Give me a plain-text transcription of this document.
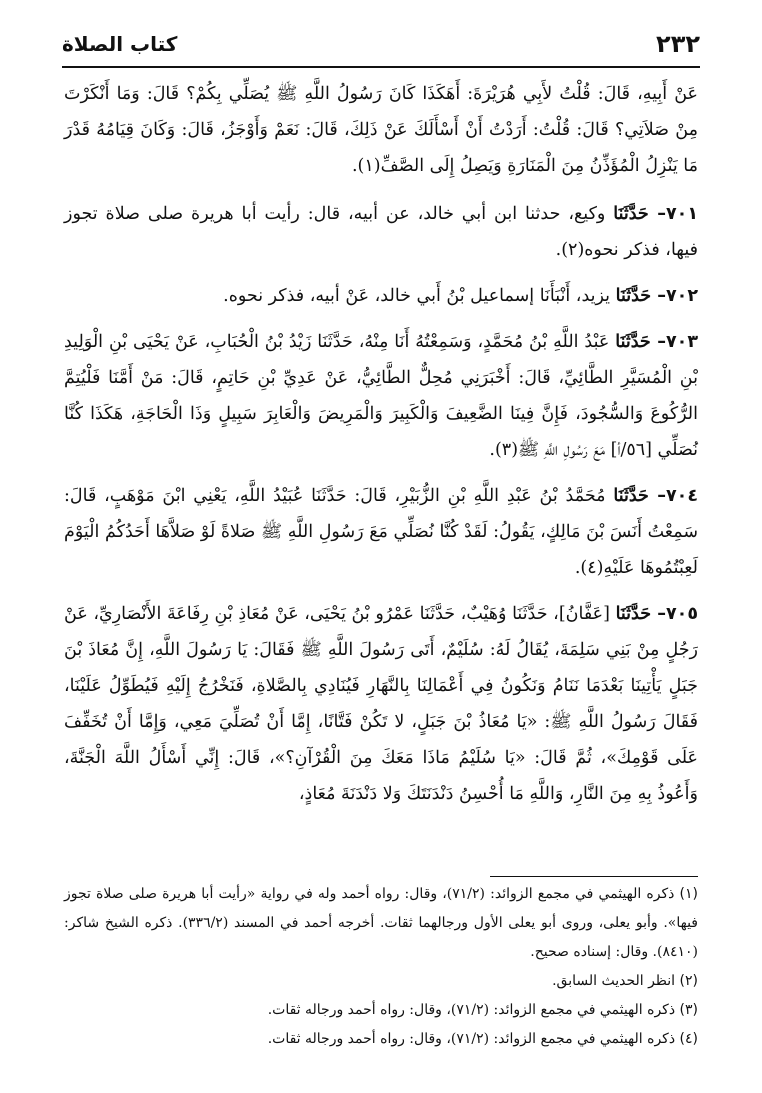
٢٣٢
كتاب الصلاة

عَنْ أَبِيهِ، قَالَ: قُلْتُ لأَبِي هُرَيْرَةَ: أَهَكَذَا كَانَ رَسُولُ اللَّهِ ﷺ يُصَلِّي بِكُمْ؟ قَالَ: وَمَا أَنْكَرْتَ مِنْ صَلاَتِي؟ قَالَ: قُلْتُ: أَرَدْتُ أَنْ أَسْأَلَكَ عَنْ ذَلِكَ، قَالَ: نَعَمْ وَأَوْجَزُ، قَالَ: وَكَانَ قِيَامُهُ قَدْرَ مَا يَنْزِلُ الْمُؤَذِّنُ مِنَ الْمَنَارَةِ وَيَصِلُ إِلَى الصَّفِّ(١).

٧٠١– حَدَّثَنَا وكيع، حدثنا ابن أبي خالد، عن أبيه، قال: رأيت أبا هريرة صلى صلاة تجوز فيها، فذكر نحوه(٢).

٧٠٢– حَدَّثَنَا يزيد، أَنْبَأَنَا إسماعيل بْنُ أَبي خالد، عَنْ أبيه، فذكر نحوه.

٧٠٣– حَدَّثَنَا عَبْدُ اللَّهِ بْنُ مُحَمَّدٍ، وَسَمِعْتُهُ أَنَا مِنْهُ، حَدَّثَنَا زَيْدُ بْنُ الْحُبَابِ، عَنْ يَحْيَى بْنِ الْوَلِيدِ بْنِ الْمُسَيَّرِ الطَّائِيِّ، قَالَ: أَخْبَرَنِي مُحِلٌّ الطَّائِيُّ، عَنْ عَدِيِّ بْنِ حَاتِمٍ، قَالَ: مَنْ أَمَّنَا فَلْيُتِمَّ الرُّكُوعَ وَالسُّجُودَ، فَإِنَّ فِينَا الضَّعِيفَ وَالْكَبِيرَ وَالْمَرِيضَ وَالْعَابِرَ سَبِيلٍ وَذَا الْحَاجَةِ، هَكَذَا كُنَّا نُصَلِّي [٥٦/أ] مَعَ رَسُولِ اللَّهِ ﷺ(٣).

٧٠٤– حَدَّثَنَا مُحَمَّدُ بْنُ عَبْدِ اللَّهِ بْنِ الزُّبَيْرِ، قَالَ: حَدَّثَنَا عُبَيْدُ اللَّهِ، يَعْنِي ابْنَ مَوْهَبٍ، قَالَ: سَمِعْتُ أَنَسَ بْنَ مَالِكٍ، يَقُولُ: لَقَدْ كُنَّا نُصَلِّي مَعَ رَسُولِ اللَّهِ ﷺ صَلاةً لَوْ صَلاَّهَا أَحَدُكُمُ الْيَوْمَ لَعِبْتُمُوهَا عَلَيْهِ(٤).

٧٠٥– حَدَّثَنَا [عَفَّانُ]، حَدَّثَنَا وُهَيْبٌ، حَدَّثَنَا عَمْرُو بْنُ يَحْيَى، عَنْ مُعَاذِ بْنِ رِفَاعَةَ الأَنْصَارِيِّ، عَنْ رَجُلٍ مِنْ بَنِي سَلِمَةَ، يُقَالُ لَهُ: سُلَيْمٌ، أَتَى رَسُولَ اللَّهِ ﷺ فَقَالَ: يَا رَسُولَ اللَّهِ، إِنَّ مُعَاذَ بْنَ جَبَلٍ يَأْتِينَا بَعْدَمَا نَنَامُ وَنَكُونُ فِي أَعْمَالِنَا بِالنَّهَارِ فَيُنَادِي بِالصَّلاةِ، فَنَخْرُجُ إِلَيْهِ فَيُطَوِّلُ عَلَيْنَا، فَقَالَ رَسُولُ اللَّهِ ﷺ: «يَا مُعَاذُ بْنَ جَبَلٍ، لا تَكُنْ فَتَّانًا، إِمَّا أَنْ تُصَلِّيَ مَعِي، وَإِمَّا أَنْ تُخَفِّفَ عَلَى قَوْمِكَ»، ثُمَّ قَالَ: «يَا سُلَيْمُ مَاذَا مَعَكَ مِنَ الْقُرْآنِ؟»، قَالَ: إِنِّي أَسْأَلُ اللَّهَ الْجَنَّةَ، وَأَعُوذُ بِهِ مِنَ النَّارِ، وَاللَّهِ مَا أُحْسِنُ دَنْدَنَتَكَ وَلا دَنْدَنَةَ مُعَاذٍ،

(١) ذكره الهيثمي في مجمع الزوائد: (٧١/٢)، وقال: رواه أحمد وله في رواية «رأيت أبا هريرة صلى صلاة تجوز فيها». وأبو يعلى، وروى أبو يعلى الأول ورجالهما ثقات. أخرجه أحمد في المسند (٣٣٦/٢). ذكره الشيخ شاكر: (٨٤١٠). وقال: إسناده صحيح.

(٢) انظر الحديث السابق.

(٣) ذكره الهيثمي في مجمع الزوائد: (٧١/٢)، وقال: رواه أحمد ورجاله ثقات.

(٤) ذكره الهيثمي في مجمع الزوائد: (٧١/٢)، وقال: رواه أحمد ورجاله ثقات.
